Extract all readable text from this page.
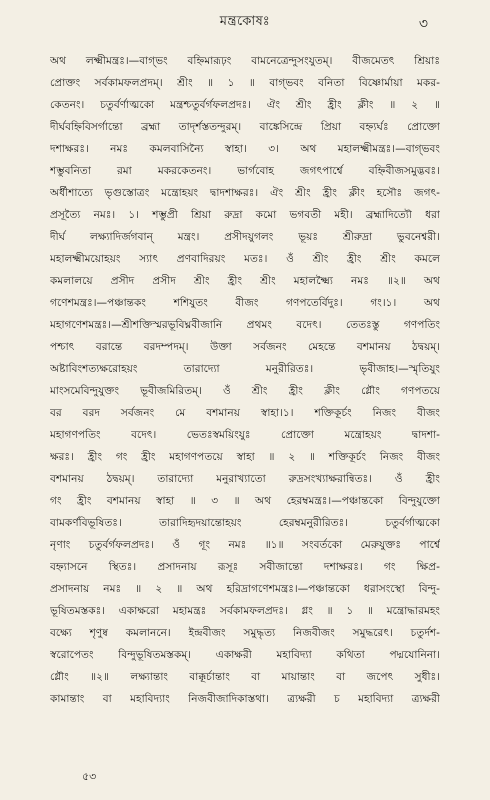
মন্ত্রকোষঃ	৩
অথ লক্ষ্মীমন্ত্রঃ।—বাগ্‌ভং বহ্নিমারূঢ়ং বামনেত্রেন্দুসংযুতম্‌। বীজমেতৎ শ্রিয়াঃ
প্রোক্তং সর্বকামফলপ্রদম্‌। শ্রীং ॥ ১ ॥ বাগ্‌ভবং বনিতা বিষ্ণোর্মায়া মকর-
কেতনং। চতুর্বর্ণাত্মকো মন্ত্রশ্চতুর্বর্গফলপ্রদঃ। ঐং শ্রীং হ্রীং ক্লীং ॥ ২ ॥
দীর্ঘবহ্নিবিসর্গান্তো ব্রহ্মা তাদৃর্শস্ততন্দুরম্‌। বাঙ্কেসিন্দ্রে প্রিয়া বহ্ন্যর্ঘঃ প্রোক্তো
দশাক্ষরঃ। নমঃ কমলবাসিন্যৈ স্বাহা। ৩। অথ মহালক্ষ্মীমন্ত্রঃ।—বাগ্‌ভবং
শম্ভুবনিতা রমা মকরকেতনং। ভার্গবোহ জগৎপার্শ্বে বহ্নিবীজসমুদ্ভবঃ।
অর্ধীশাত্যে ভৃগুস্তোত্রং মন্ত্রোহয়ং দ্বাদশাক্ষরঃ। ঐং শ্রীং হ্রীং ক্লীং হসৌঃ জগৎ-
প্রসূত্যৈ নমঃ। ১। শম্ভুপ্রী শ্রিয়া রুদ্রা কমো ভগবতী মহী। ব্রহ্মাদিত্যৌ ধরা
দীর্ঘ লক্ষ্যাদির্জগবান্‌ মন্ত্রং। প্রসীদয়ুগলং ভূয়ঃ শ্রীরুদ্রা ভুবনেশ্বরী।
মহালক্ষ্মীময়োহয়ং স্যাৎ প্রণবাদিরয়ং মতঃ। ওঁ শ্রীং হ্রীং শ্রীং কমলে
কমলালয়ে প্রসীদ প্রসীদ শ্রীং হ্রীং শ্রীং মহালক্ষ্ম্যৈ নমঃ ॥২॥ অথ
গণেশমন্ত্রঃ।—পঞ্চান্তকং শশিযুতং বীজং গণপতের্বিদুঃ। গং।১। অথ
মহাগণেশমন্ত্রঃ।—শ্রীশক্তিস্মরভূবিঘ্নবীজানি প্রথমং বদেৎ। তেতঃস্তু গণপতিং
পশ্চাৎ বরান্তে বরদম্পদম্‌। উক্তা সর্বজনং মেহন্তে বশমানয় ঠদ্বয়ম্‌।
অষ্টাবিংশত্যক্ষরোহয়ং তারাদ্যো মনুরীরিতঃ। ভৃবীজাহ।—স্মৃতিযুং
মাংসমেবিন্দুযুক্তং ভূবীজমিরিতম্‌। ওঁ শ্রীং হ্রীং ক্লীং গ্লৌং গণপতয়ে
বর বরদ সর্বজনং মে বশমানয় স্বাহা।১। শক্তিকূর্চং নিজং বীজং
মহাগণপতিং বদেৎ। ভেতঃস্বময়িংযুঃ প্রোক্তো মন্ত্রোহয়ং দ্বাদশা-
ক্ষরঃ। হ্রীং গং হ্রীং মহাগণপতয়ে স্বাহা ॥ ২ ॥ শক্তিকূর্চং নিজং বীজং
বশমানয় ঠদ্বয়ম্‌। তারাদ্যো মনুরাখ্যাতো রুদ্রসংখ্যাক্ষরান্বিতঃ। ওঁ হ্রীং
গং হ্রীং বশমানয় স্বাহা ॥ ৩ ॥ অথ হেরম্বমন্ত্রঃ।—পঞ্চান্তকো বিন্দুযুক্তো
বামকর্ণবিভূষিতঃ। তারাদিহৃদয়ান্তোহয়ং হেরম্বমনুরীরিতঃ। চতুর্বর্গাত্মকো
নৃণাং চতুর্বর্গফলপ্রদঃ। ওঁ গূং নমঃ ॥১॥ সংবর্তকো মেরুযুক্তঃ পার্শ্বে
বহ্ন্যাসনে স্থিতঃ। প্রসাদনায় রূসূঃ সবীজান্তো দশাক্ষরঃ। গং ক্ষিপ্র-
প্রসাদনায় নমঃ ॥ ২ ॥ অথ হরিদ্রাগণেশমন্ত্রঃ।—পঞ্চান্তকো ধরাসংস্থো বিন্দু-
ভূষিতমস্তকঃ। একাক্ষরো মহামন্ত্রঃ সর্বকামফলপ্রদঃ। গ্লং ॥ ১ ॥ মন্ত্রোদ্ধারমহং
বক্ষ্যে শৃণুষ্ব কমলাননে। ইন্দ্রবীজং সমুদ্ধৃত্য নিজবীজং সমুদ্ধরেৎ। চতুর্দশ-
স্বরোপেতং বিন্দুভূষিতমস্তকম্‌। একাক্ষরী মহাবিদ্যা কথিতা পদ্মযোনিনা।
গ্লৌং ॥২॥ লক্ষ্যান্তাং বাক্কূর্চান্তাং বা মায়ান্তাং বা জপেৎ সুধীঃ।
কামান্তাং বা মহাবিদ্যাং নিজবীজাদিকাস্তথা। ত্র্যক্ষরী চ মহাবিদ্যা ত্র্যক্ষরী
৫৩
